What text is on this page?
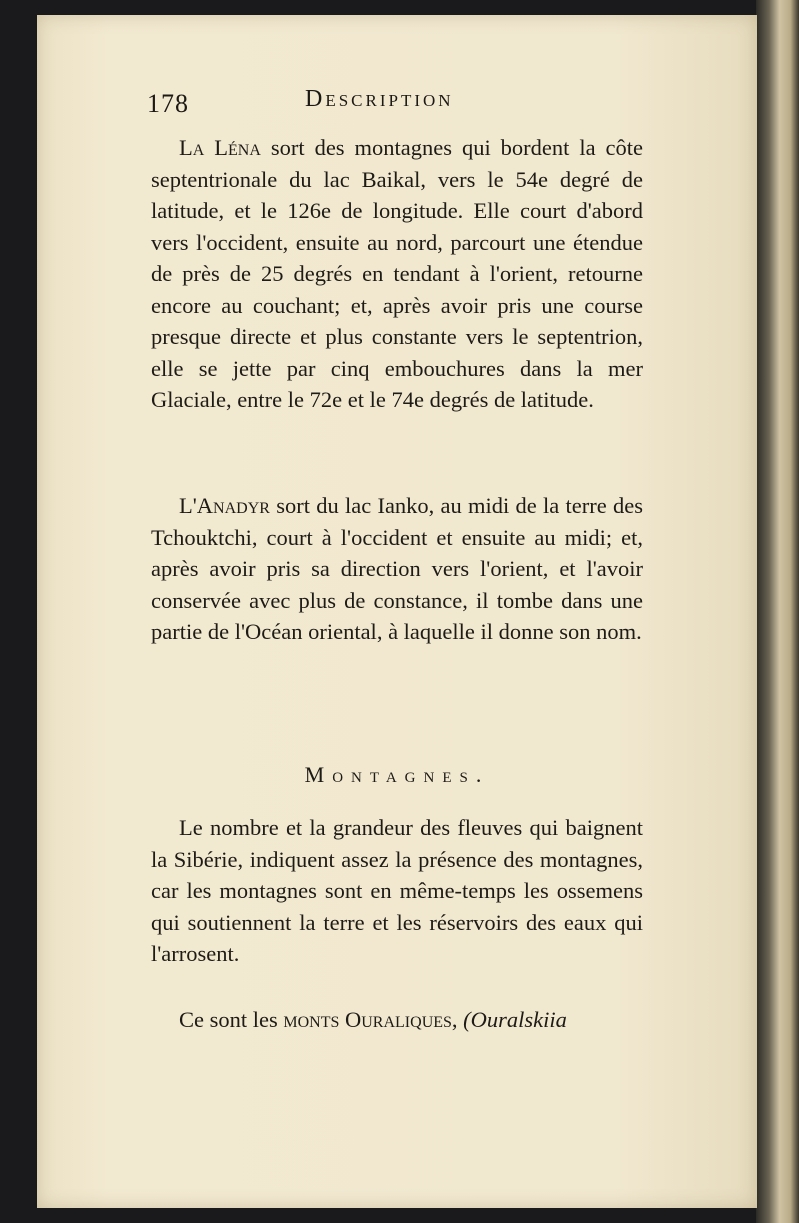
178	Description

La Léna sort des montagnes qui bordent la côte septentrionale du lac Baikal, vers le 54e degré de latitude, et le 126e de longitude. Elle court d'abord vers l'occident, ensuite au nord, parcourt une étendue de près de 25 degrés en tendant à l'orient, retourne encore au couchant; et, après avoir pris une course presque directe et plus constante vers le septentrion, elle se jette par cinq embouchures dans la mer Glaciale, entre le 72e et le 74e degrés de latitude.

L'Anadyr sort du lac Ianko, au midi de la terre des Tchouktchi, court à l'occident et ensuite au midi; et, après avoir pris sa direction vers l'orient, et l'avoir conservée avec plus de constance, il tombe dans une partie de l'Océan oriental, à laquelle il donne son nom.

Montagnes.

Le nombre et la grandeur des fleuves qui baignent la Sibérie, indiquent assez la présence des montagnes, car les montagnes sont en même-temps les ossemens qui soutiennent la terre et les réservoirs des eaux qui l'arrosent.

Ce sont les monts Ouraliques, (Ouralskiia
